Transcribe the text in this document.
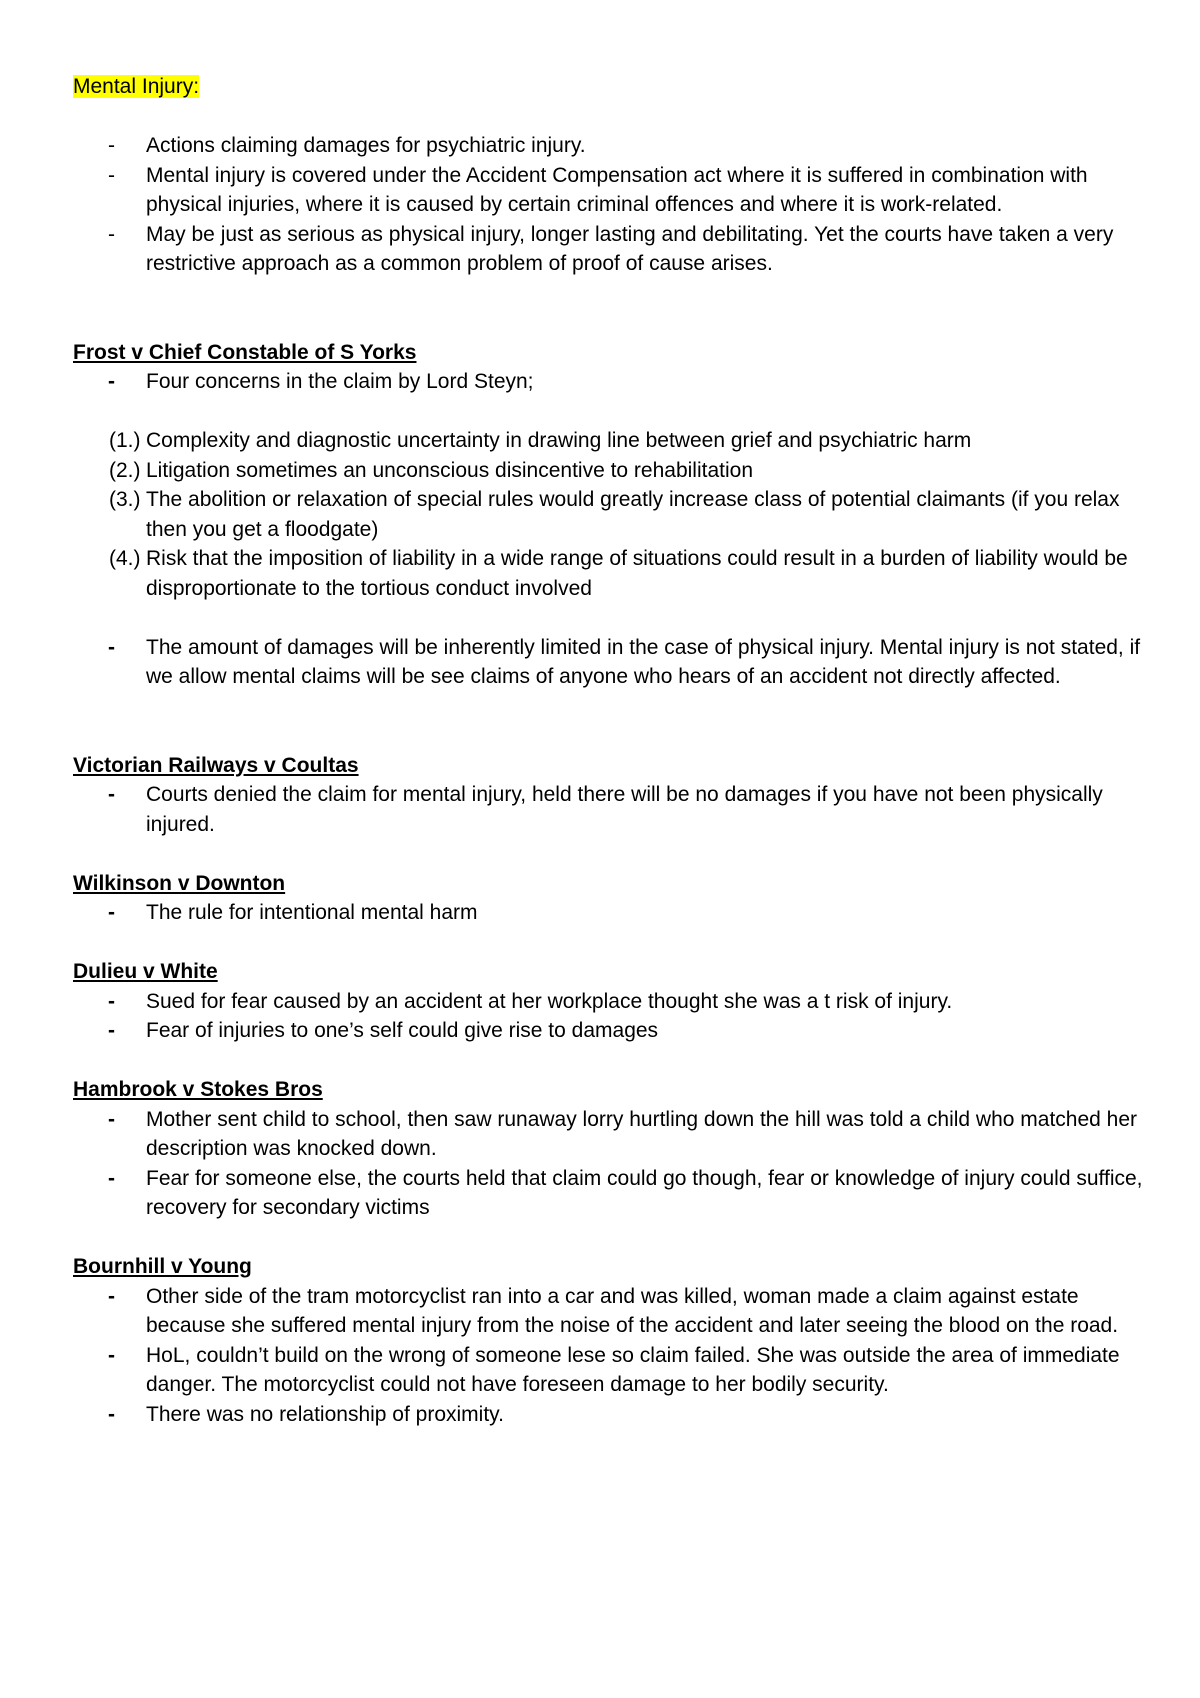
Mental Injury:

- Actions claiming damages for psychiatric injury.
- Mental injury is covered under the Accident Compensation act where it is suffered in combination with physical injuries, where it is caused by certain criminal offences and where it is work-related.
- May be just as serious as physical injury, longer lasting and debilitating. Yet the courts have taken a very restrictive approach as a common problem of proof of cause arises.

Frost v Chief Constable of S Yorks

- Four concerns in the claim by Lord Steyn;
(1.) Complexity and diagnostic uncertainty in drawing line between grief and psychiatric harm
(2.) Litigation sometimes an unconscious disincentive to rehabilitation
(3.) The abolition or relaxation of special rules would greatly increase class of potential claimants (if you relax then you get a floodgate)
(4.) Risk that the imposition of liability in a wide range of situations could result in a burden of liability would be disproportionate to the tortious conduct involved
- The amount of damages will be inherently limited in the case of physical injury. Mental injury is not stated, if we allow mental claims will be see claims of anyone who hears of an accident not directly affected.

Victorian Railways v Coultas

- Courts denied the claim for mental injury, held there will be no damages if you have not been physically injured.

Wilkinson v Downton

- The rule for intentional mental harm

Dulieu v White

- Sued for fear caused by an accident at her workplace thought she was a t risk of injury.
- Fear of injuries to one’s self could give rise to damages

Hambrook v Stokes Bros

- Mother sent child to school, then saw runaway lorry hurtling down the hill was told a child who matched her description was knocked down.
- Fear for someone else, the courts held that claim could go though, fear or knowledge of injury could suffice, recovery for secondary victims

Bournhill v Young

- Other side of the tram motorcyclist ran into a car and was killed, woman made a claim against estate because she suffered mental injury from the noise of the accident and later seeing the blood on the road.
- HoL, couldn’t build on the wrong of someone lese so claim failed. She was outside the area of immediate danger. The motorcyclist could not have foreseen damage to her bodily security.
- There was no relationship of proximity.
